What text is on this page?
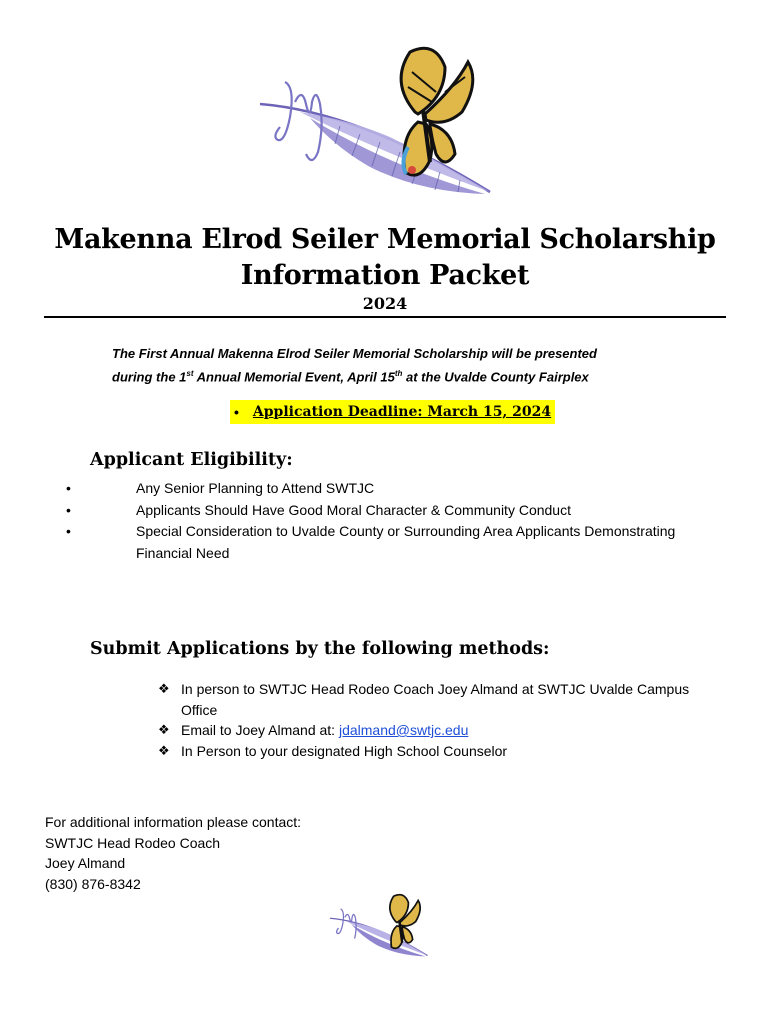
Makenna Elrod Seiler Memorial Scholarship
Information Packet
2024
The First Annual Makenna Elrod Seiler Memorial Scholarship will be presented
during the 1st Annual Memorial Event, April 15th at the Uvalde County Fairplex
• Application Deadline: March 15, 2024
Applicant Eligibility:
• Any Senior Planning to Attend SWTJC
• Applicants Should Have Good Moral Character & Community Conduct
• Special Consideration to Uvalde County or Surrounding Area Applicants Demonstrating Financial Need
Submit Applications by the following methods:
❖ In person to SWTJC Head Rodeo Coach Joey Almand at SWTJC Uvalde Campus Office
❖ Email to Joey Almand at: jdalmand@swtjc.edu
❖ In Person to your designated High School Counselor
For additional information please contact:
SWTJC Head Rodeo Coach
Joey Almand
(830) 876-8342
